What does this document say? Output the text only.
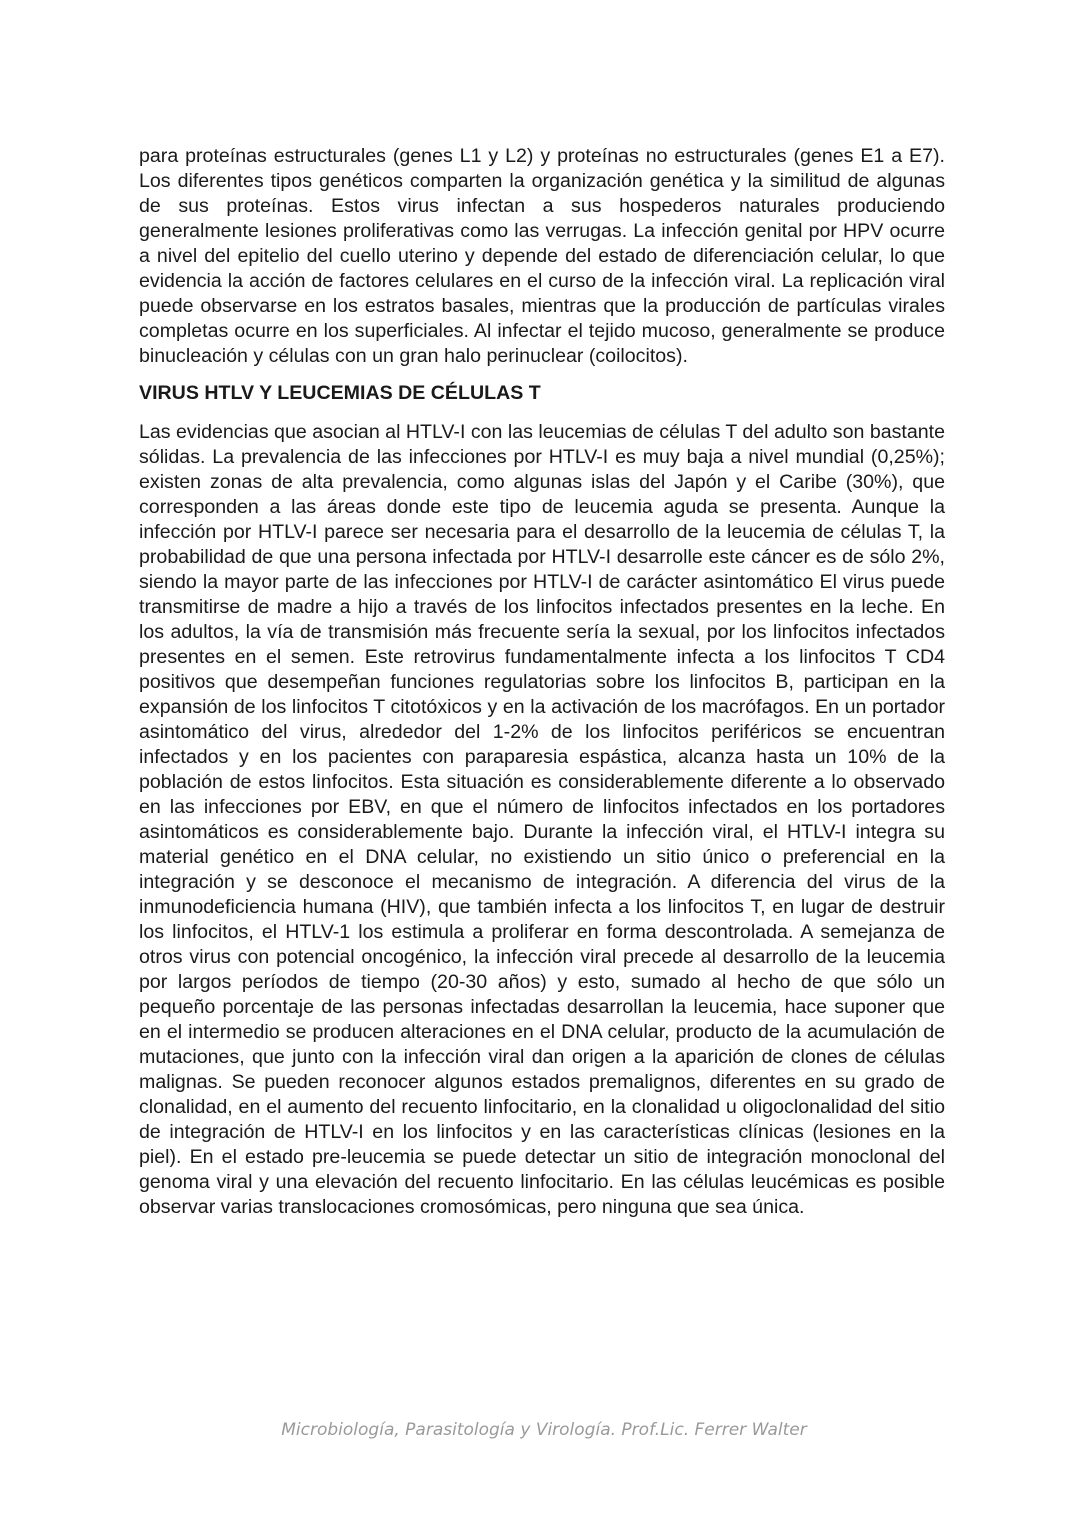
para proteínas estructurales (genes L1 y L2) y proteínas no estructurales (genes E1 a E7). Los diferentes tipos genéticos comparten la organización genética y la similitud de algunas de sus proteínas. Estos virus infectan a sus hospederos naturales produciendo generalmente lesiones proliferativas como las verrugas. La infección genital por HPV ocurre a nivel del epitelio del cuello uterino y depende del estado de diferenciación celular, lo que evidencia la acción de factores celulares en el curso de la infección viral. La replicación viral puede observarse en los estratos basales, mientras que la producción de partículas virales completas ocurre en los superficiales. Al infectar el tejido mucoso, generalmente se produce binucleación y células con un gran halo perinuclear (coilocitos).

VIRUS HTLV Y LEUCEMIAS DE CÉLULAS T

Las evidencias que asocian al HTLV-I con las leucemias de células T del adulto son bastante sólidas. La prevalencia de las infecciones por HTLV-I es muy baja a nivel mundial (0,25%); existen zonas de alta prevalencia, como algunas islas del Japón y el Caribe (30%), que corresponden a las áreas donde este tipo de leucemia aguda se presenta. Aunque la infección por HTLV-I parece ser necesaria para el desarrollo de la leucemia de células T, la probabilidad de que una persona infectada por HTLV-I desarrolle este cáncer es de sólo 2%, siendo la mayor parte de las infecciones por HTLV-I de carácter asintomático El virus puede transmitirse de madre a hijo a través de los linfocitos infectados presentes en la leche. En los adultos, la vía de transmisión más frecuente sería la sexual, por los linfocitos infectados presentes en el semen. Este retrovirus fundamentalmente infecta a los linfocitos T CD4 positivos que desempeñan funciones regulatorias sobre los linfocitos B, participan en la expansión de los linfocitos T citotóxicos y en la activación de los macrófagos. En un portador asintomático del virus, alrededor del 1-2% de los linfocitos periféricos se encuentran infectados y en los pacientes con paraparesia espástica, alcanza hasta un 10% de la población de estos linfocitos. Esta situación es considerablemente diferente a lo observado en las infecciones por EBV, en que el número de linfocitos infectados en los portadores asintomáticos es considerablemente bajo. Durante la infección viral, el HTLV-I integra su material genético en el DNA celular, no existiendo un sitio único o preferencial en la integración y se desconoce el mecanismo de integración. A diferencia del virus de la inmunodeficiencia humana (HIV), que también infecta a los linfocitos T, en lugar de destruir los linfocitos, el HTLV-1 los estimula a proliferar en forma descontrolada. A semejanza de otros virus con potencial oncogénico, la infección viral precede al desarrollo de la leucemia por largos períodos de tiempo (20-30 años) y esto, sumado al hecho de que sólo un pequeño porcentaje de las personas infectadas desarrollan la leucemia, hace suponer que en el intermedio se producen alteraciones en el DNA celular, producto de la acumulación de mutaciones, que junto con la infección viral dan origen a la aparición de clones de células malignas. Se pueden reconocer algunos estados premalignos, diferentes en su grado de clonalidad, en el aumento del recuento linfocitario, en la clonalidad u oligoclonalidad del sitio de integración de HTLV-I en los linfocitos y en las características clínicas (lesiones en la piel). En el estado pre-leucemia se puede detectar un sitio de integración monoclonal del genoma viral y una elevación del recuento linfocitario. En las células leucémicas es posible observar varias translocaciones cromosómicas, pero ninguna que sea única.

Microbiología, Parasitología y Virología. Prof.Lic. Ferrer Walter
